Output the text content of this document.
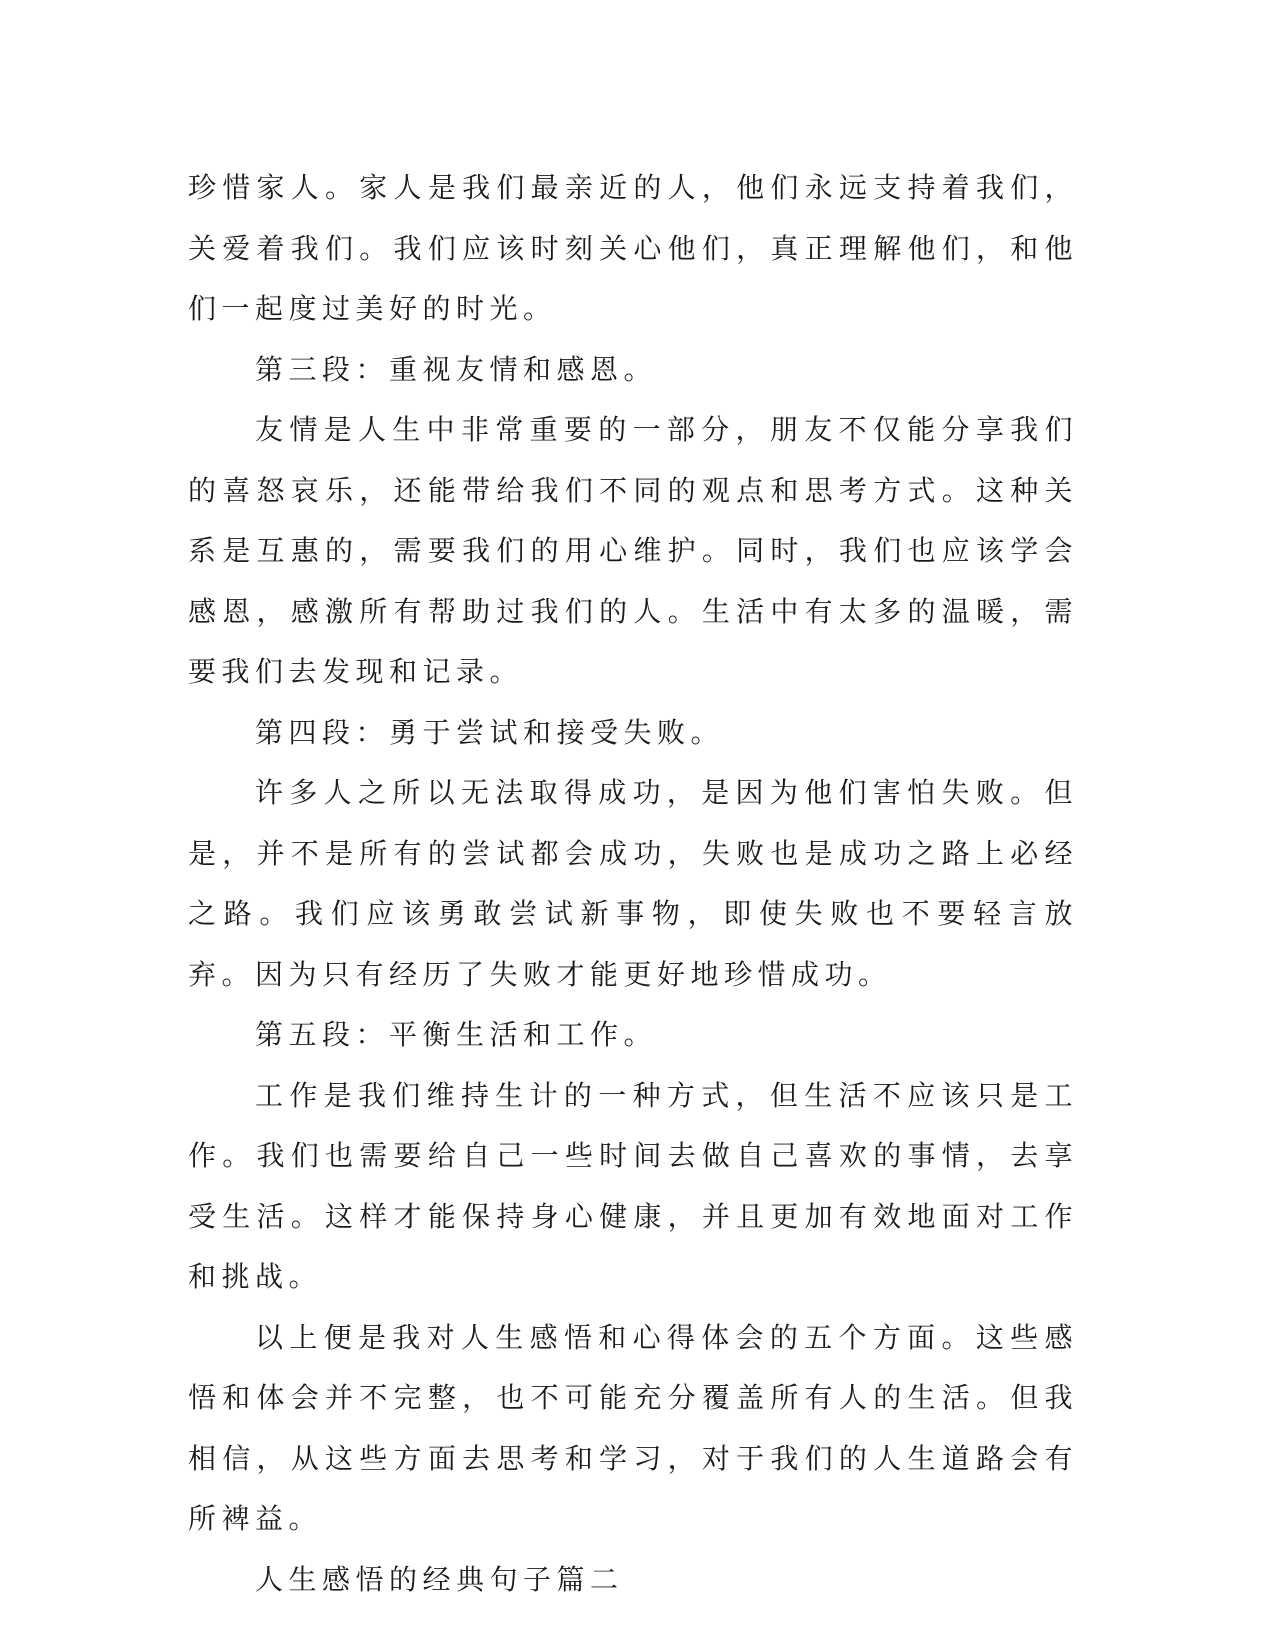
珍惜家人。家人是我们最亲近的人，他们永远支持着我们，关爱着我们。我们应该时刻关心他们，真正理解他们，和他们一起度过美好的时光。

第三段：重视友情和感恩。

友情是人生中非常重要的一部分，朋友不仅能分享我们的喜怒哀乐，还能带给我们不同的观点和思考方式。这种关系是互惠的，需要我们的用心维护。同时，我们也应该学会感恩，感激所有帮助过我们的人。生活中有太多的温暖，需要我们去发现和记录。

第四段：勇于尝试和接受失败。

许多人之所以无法取得成功，是因为他们害怕失败。但是，并不是所有的尝试都会成功，失败也是成功之路上必经之路。我们应该勇敢尝试新事物，即使失败也不要轻言放弃。因为只有经历了失败才能更好地珍惜成功。

第五段：平衡生活和工作。

工作是我们维持生计的一种方式，但生活不应该只是工作。我们也需要给自己一些时间去做自己喜欢的事情，去享受生活。这样才能保持身心健康，并且更加有效地面对工作和挑战。

以上便是我对人生感悟和心得体会的五个方面。这些感悟和体会并不完整，也不可能充分覆盖所有人的生活。但我相信，从这些方面去思考和学习，对于我们的人生道路会有所裨益。

人生感悟的经典句子篇二
